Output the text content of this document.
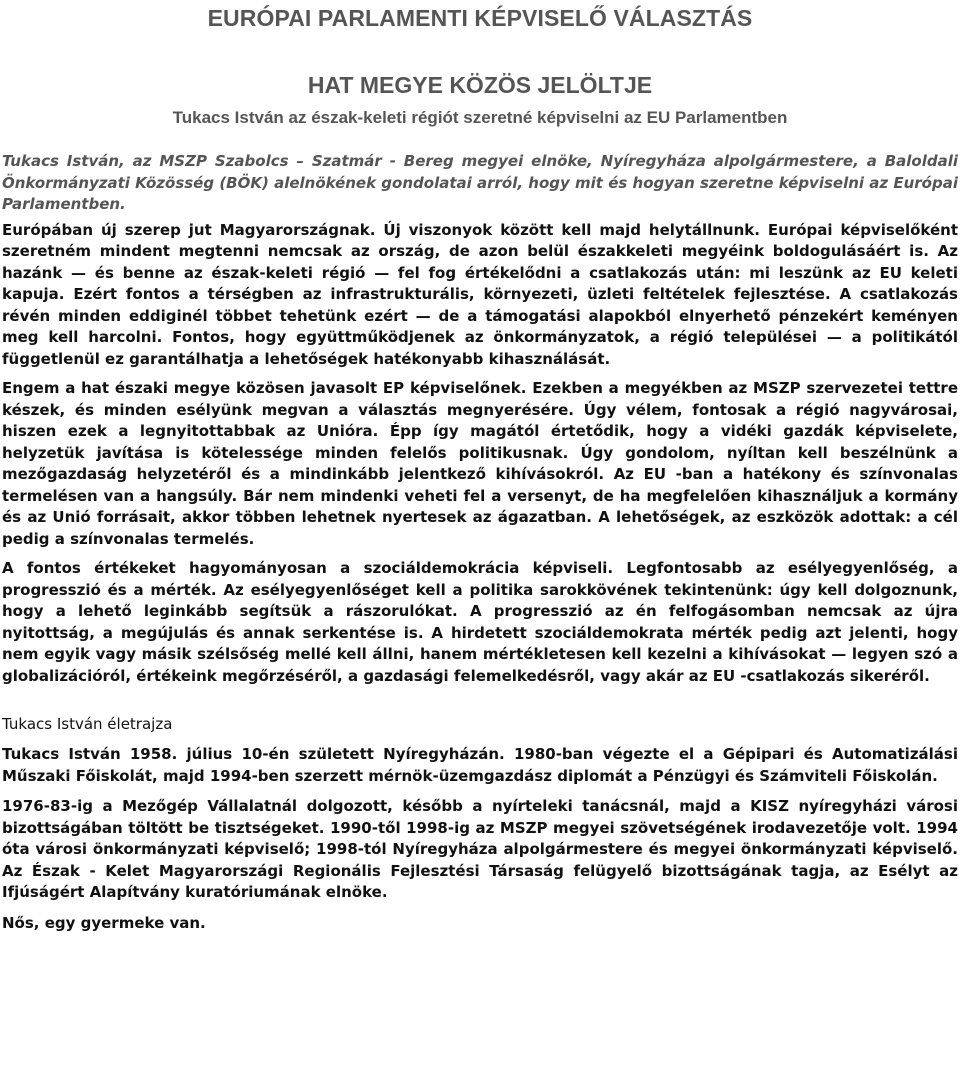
EURÓPAI PARLAMENTI KÉPVISELŐ VÁLASZTÁS
HAT MEGYE KÖZÖS JELÖLTJE
Tukacs István az észak-keleti régiót szeretné képviselni az EU Parlamentben

Tukacs István, az MSZP Szabolcs – Szatmár - Bereg megyei elnöke, Nyíregyháza alpolgármestere, a Baloldali Önkormányzati Közösség (BÖK) alelnökének gondolatai arról, hogy mit és hogyan szeretne képviselni az Európai Parlamentben.

Európában új szerep jut Magyarországnak. Új viszonyok között kell majd helytállnunk. Európai képviselőként szeretném mindent megtenni nemcsak az ország, de azon belül északkeleti megyéink boldogulásáért is. Az hazánk — és benne az észak-keleti régió — fel fog értékelődni a csatlakozás után: mi leszünk az EU keleti kapuja. Ezért fontos a térségben az infrastrukturális, környezeti, üzleti feltételek fejlesztése. A csatlakozás révén minden eddiginél többet tehetünk ezért — de a támogatási alapokból elnyerhető pénzekért keményen meg kell harcolni. Fontos, hogy együttműködjenek az önkormányzatok, a régió települései — a politikától függetlenül ez garantálhatja a lehetőségek hatékonyabb kihasználását.

Engem a hat északi megye közösen javasolt EP képviselőnek. Ezekben a megyékben az MSZP szervezetei tettre készek, és minden esélyünk megvan a választás megnyerésére. Úgy vélem, fontosak a régió nagyvárosai, hiszen ezek a legnyitottabbak az Unióra. Épp így magától értetődik, hogy a vidéki gazdák képviselete, helyzetük javítása is kötelessége minden felelős politikusnak. Úgy gondolom, nyíltan kell beszélnünk a mezőgazdaság helyzetéről és a mindinkább jelentkező kihívásokról. Az EU -ban a hatékony és színvonalas termelésen van a hangsúly. Bár nem mindenki veheti fel a versenyt, de ha megfelelően kihasználjuk a kormány és az Unió forrásait, akkor többen lehetnek nyertesek az ágazatban. A lehetőségek, az eszközök adottak: a cél pedig a színvonalas termelés.

A fontos értékeket hagyományosan a szociáldemokrácia képviseli. Legfontosabb az esélyegyenlőség, a progresszió és a mérték. Az esélyegyenlőséget kell a politika sarokkövének tekintenünk: úgy kell dolgoznunk, hogy a lehető leginkább segítsük a rászorulókat. A progresszió az én felfogásomban nemcsak az újra nyitottság, a megújulás és annak serkentése is. A hirdetett szociáldemokrata mérték pedig azt jelenti, hogy nem egyik vagy másik szélsőség mellé kell állni, hanem mértékletesen kell kezelni a kihívásokat — legyen szó a globalizációról, értékeink megőrzéséről, a gazdasági felemelkedésről, vagy akár az EU -csatlakozás sikeréről.

Tukacs István életrajza

Tukacs István 1958. július 10-én született Nyíregyházán. 1980-ban végezte el a Gépipari és Automatizálási Műszaki Főiskolát, majd 1994-ben szerzett mérnök-üzemgazdász diplomát a Pénzügyi és Számviteli Főiskolán.

1976-83-ig a Mezőgép Vállalatnál dolgozott, később a nyírteleki tanácsnál, majd a KISZ nyíregyházi városi bizottságában töltött be tisztségeket. 1990-től 1998-ig az MSZP megyei szövetségének irodavezetője volt. 1994 óta városi önkormányzati képviselő; 1998-tól Nyíregyháza alpolgármestere és megyei önkormányzati képviselő. Az Észak - Kelet Magyarországi Regionális Fejlesztési Társaság felügyelő bizottságának tagja, az Esélyt az Ifjúságért Alapítvány kuratóriumának elnöke.

Nős, egy gyermeke van.
